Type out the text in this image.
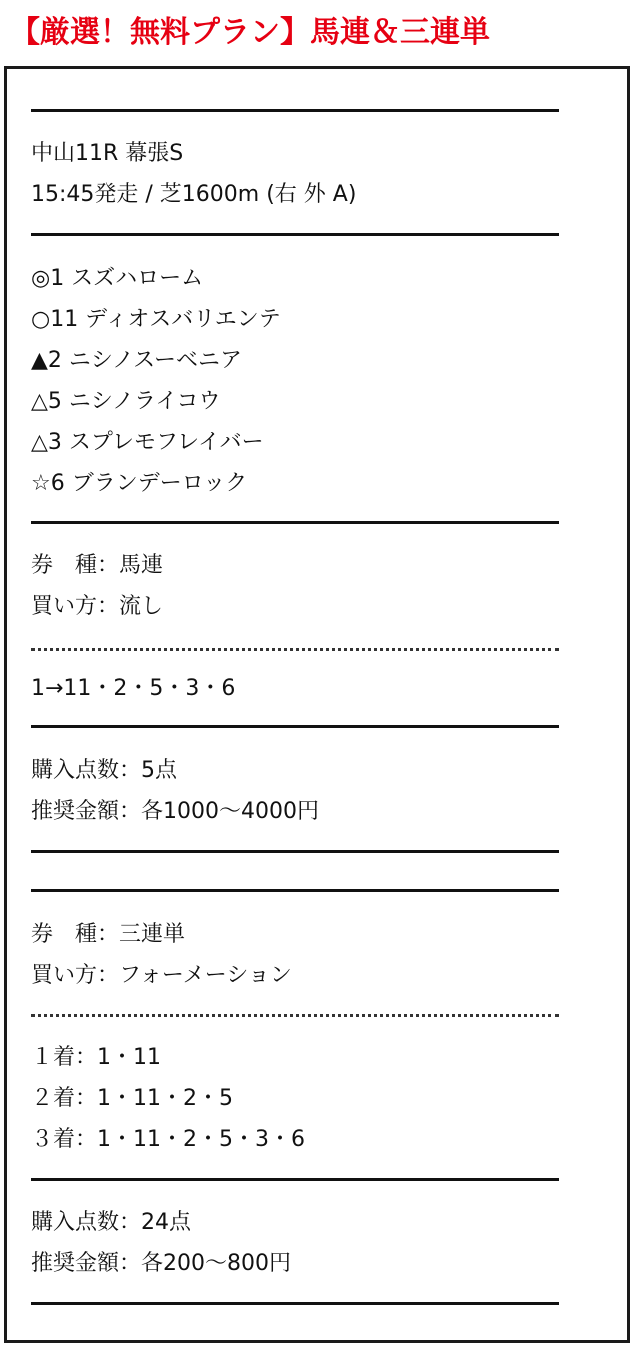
【厳選！無料プラン】馬連＆三連単
中山11R 幕張S
15:45発走 / 芝1600m (右 外 A)
◎1 スズハローム
○11 ディオスバリエンテ
▲2 ニシノスーベニア
△5 ニシノライコウ
△3 スプレモフレイバー
☆6 ブランデーロック
券　種：馬連
買い方：流し
1→11・2・5・3・6
購入点数：5点
推奨金額：各1000〜4000円
券　種：三連単
買い方：フォーメーション
１着：1・11
２着：1・11・2・5
３着：1・11・2・5・3・6
購入点数：24点
推奨金額：各200〜800円
